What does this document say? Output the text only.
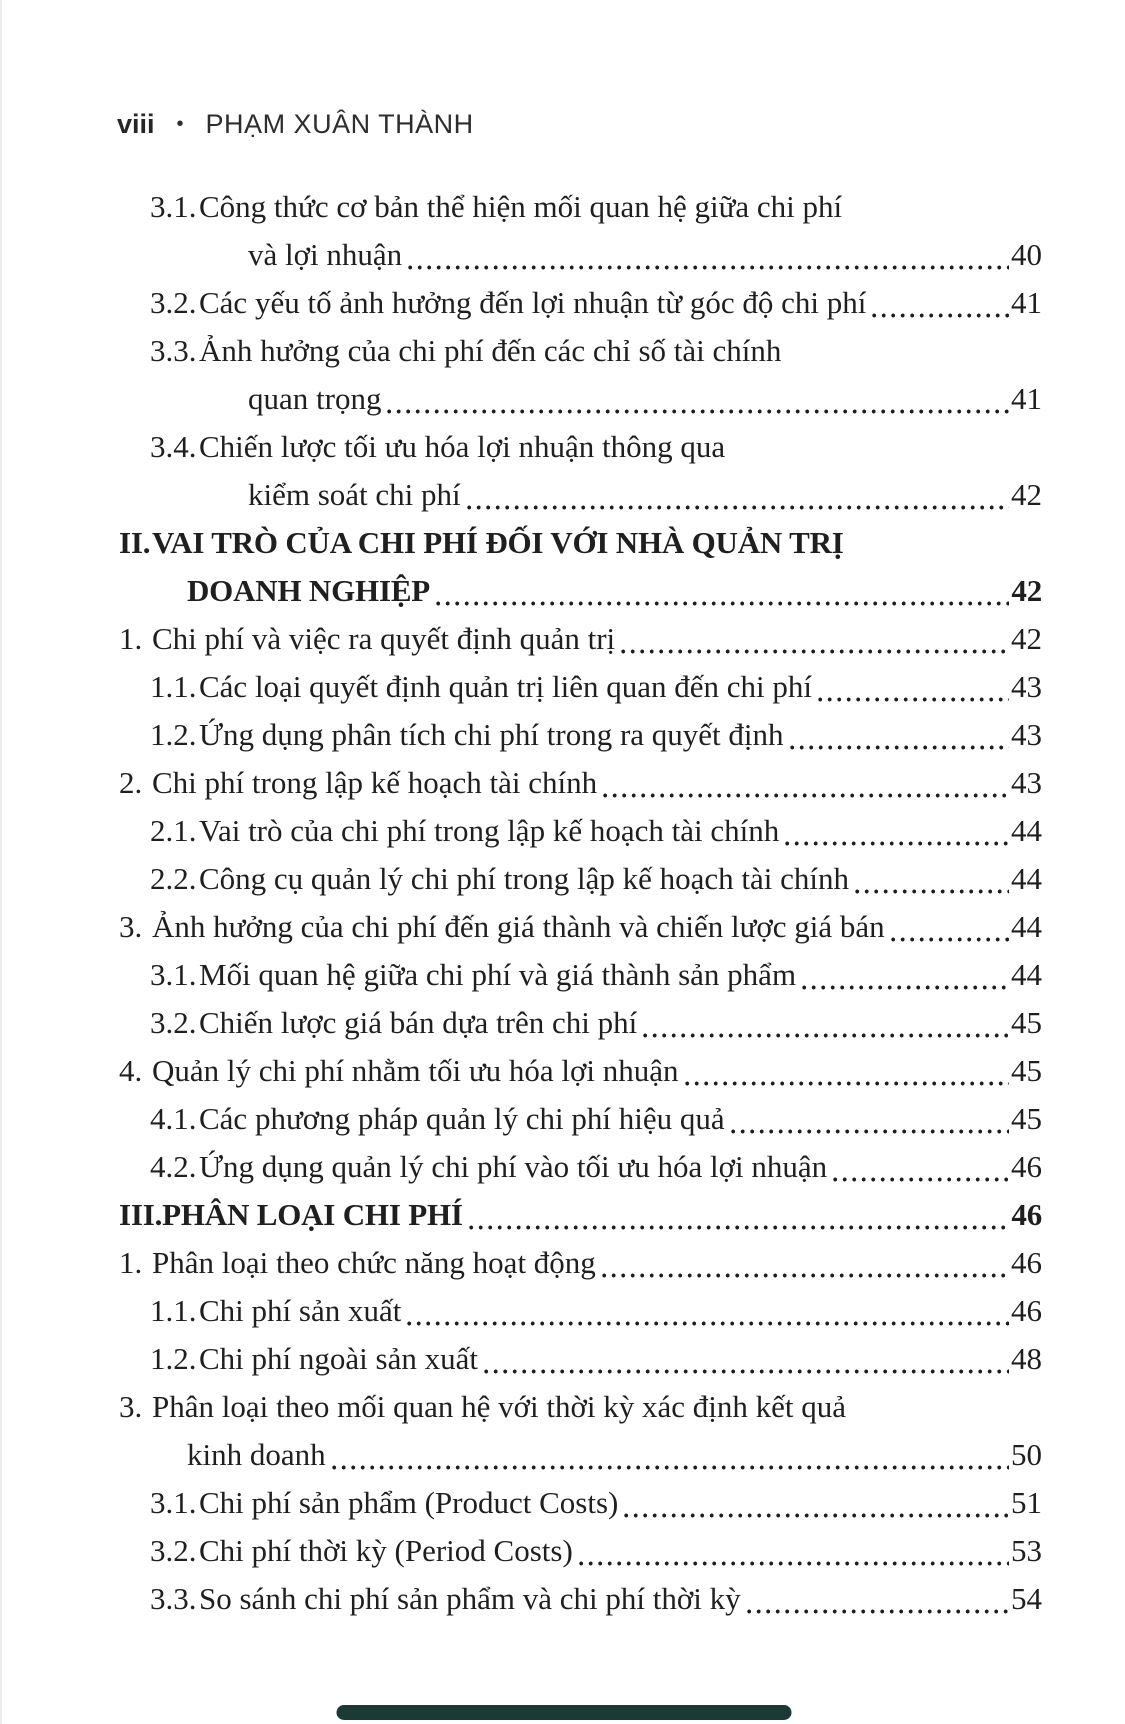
viii • PHẠM XUÂN THÀNH
3.1. Công thức cơ bản thể hiện mối quan hệ giữa chi phí
và lợi nhuận	40
3.2. Các yếu tố ảnh hưởng đến lợi nhuận từ góc độ chi phí	41
3.3. Ảnh hưởng của chi phí đến các chỉ số tài chính
quan trọng	41
3.4. Chiến lược tối ưu hóa lợi nhuận thông qua
kiểm soát chi phí	42
II. VAI TRÒ CỦA CHI PHÍ ĐỐI VỚI NHÀ QUẢN TRỊ
DOANH NGHIỆP	42
1. Chi phí và việc ra quyết định quản trị	42
1.1. Các loại quyết định quản trị liên quan đến chi phí	43
1.2. Ứng dụng phân tích chi phí trong ra quyết định	43
2. Chi phí trong lập kế hoạch tài chính	43
2.1. Vai trò của chi phí trong lập kế hoạch tài chính	44
2.2. Công cụ quản lý chi phí trong lập kế hoạch tài chính	44
3. Ảnh hưởng của chi phí đến giá thành và chiến lược giá bán	44
3.1. Mối quan hệ giữa chi phí và giá thành sản phẩm	44
3.2. Chiến lược giá bán dựa trên chi phí	45
4. Quản lý chi phí nhằm tối ưu hóa lợi nhuận	45
4.1. Các phương pháp quản lý chi phí hiệu quả	45
4.2. Ứng dụng quản lý chi phí vào tối ưu hóa lợi nhuận	46
III. PHÂN LOẠI CHI PHÍ	46
1. Phân loại theo chức năng hoạt động	46
1.1. Chi phí sản xuất	46
1.2. Chi phí ngoài sản xuất	48
3. Phân loại theo mối quan hệ với thời kỳ xác định kết quả
kinh doanh	50
3.1. Chi phí sản phẩm (Product Costs)	51
3.2. Chi phí thời kỳ (Period Costs)	53
3.3. So sánh chi phí sản phẩm và chi phí thời kỳ	54
